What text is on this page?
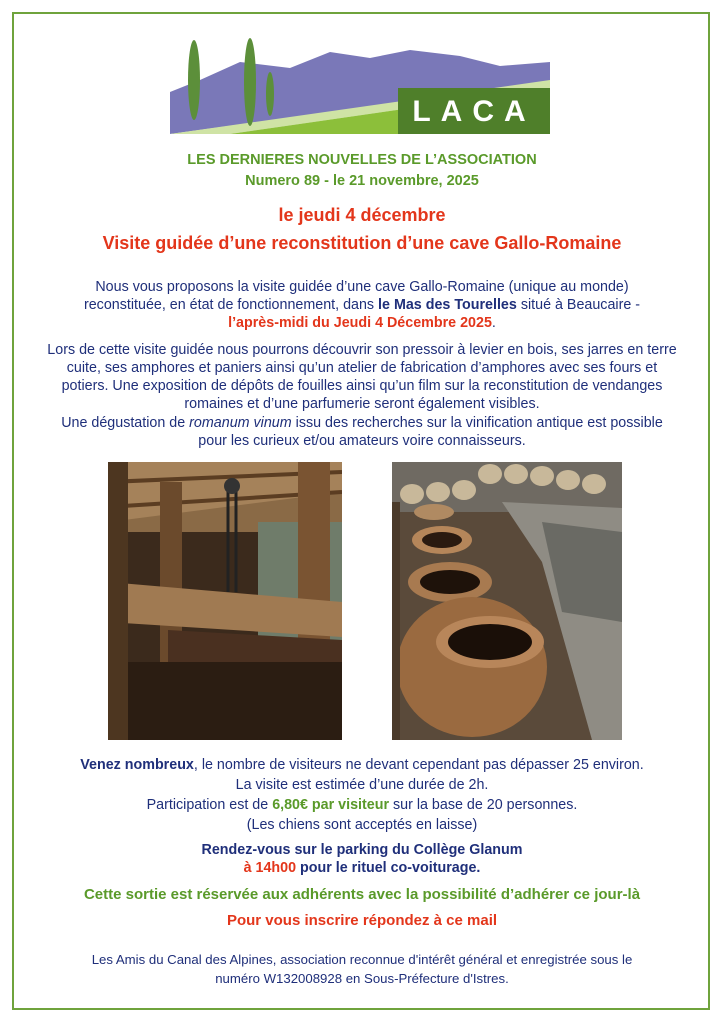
LACA
LES DERNIERES NOUVELLES DE L’ASSOCIATION
Numero 89 - le 21 novembre, 2025
le jeudi 4 décembre
Visite guidée d’une reconstitution d’une cave Gallo-Romaine
Nous vous proposons la visite guidée d’une cave Gallo-Romaine (unique au monde) reconstituée, en état de fonctionnement, dans le Mas des Tourelles situé à Beaucaire - l’après-midi du Jeudi 4 Décembre 2025.
Lors de cette visite guidée nous pourrons découvrir son pressoir à levier en bois, ses jarres en terre cuite, ses amphores et paniers ainsi qu’un atelier de fabrication d’amphores avec ses fours et potiers. Une exposition de dépôts de fouilles ainsi qu’un film sur la reconstitution de vendanges romaines et d’une parfumerie seront également visibles.
Une dégustation de romanum vinum issu des recherches sur la vinification antique est possible pour les curieux et/ou amateurs voire connaisseurs.
Venez nombreux, le nombre de visiteurs ne devant cependant pas dépasser 25 environ.
La visite est estimée d’une durée de 2h.
Participation est de 6,80€ par visiteur sur la base de 20 personnes.
(Les chiens sont acceptés en laisse)
Rendez-vous sur le parking du Collège Glanum
à 14h00 pour le rituel co-voiturage.
Cette sortie est réservée aux adhérents avec la possibilité d’adhérer ce jour-là
Pour vous inscrire répondez à ce mail
Les Amis du Canal des Alpines, association reconnue d'intérêt général et enregistrée sous le numéro W132008928 en Sous-Préfecture d'Istres.
